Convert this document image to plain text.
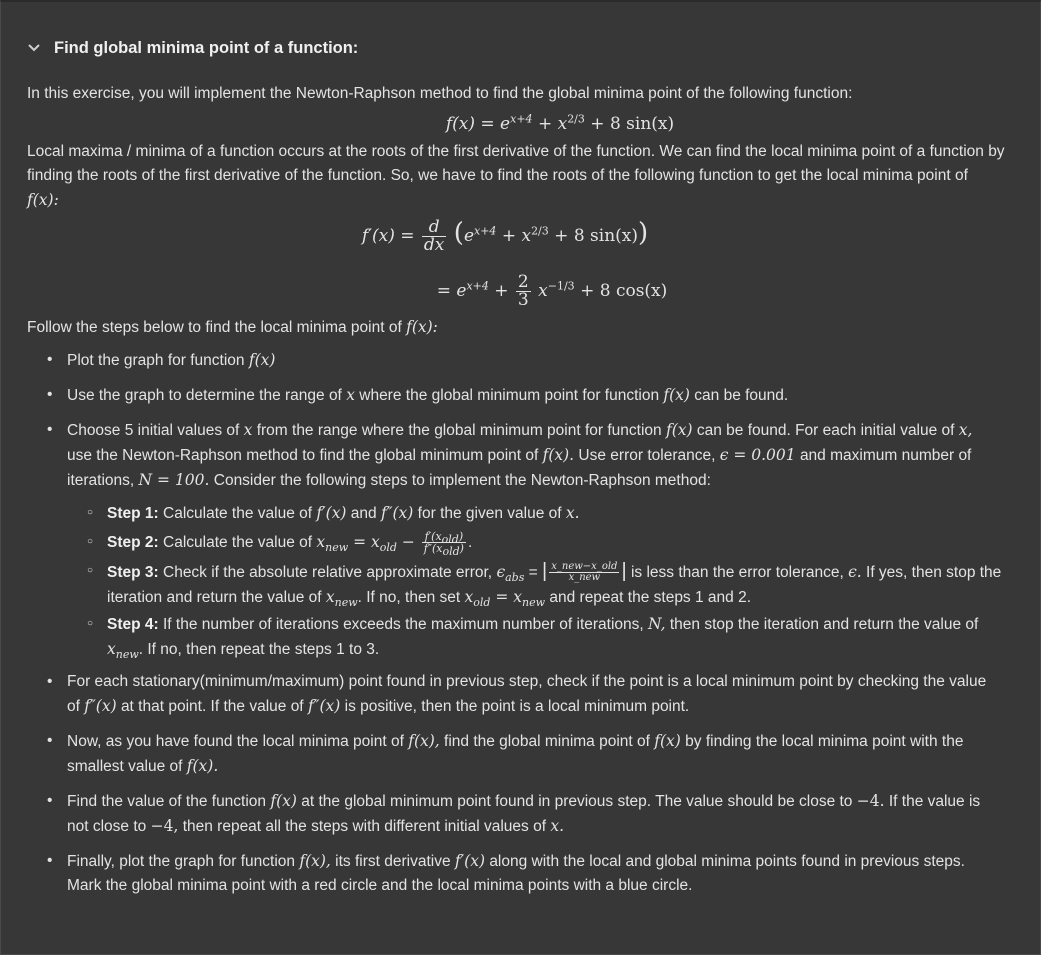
Find global minima point of a function:

In this exercise, you will implement the Newton-Raphson method to find the global minima point of the following function:

$f(x) = e^{x+4} + x^{2/3} + 8$ sin(x)

Local maxima / minima of a function occurs at the roots of the first derivative of the function. We can find the local minima point of a function by finding the roots of the first derivative of the function. So, we have to find the roots of the following function to get the local minima point of
f(x):

$f'(x) = \frac{d}{dx} (e^{x+4} + x^{2/3} + 8$ sin(x))
= $e^{x+4} + \frac{2}{3} x^{-1/3} + 8$ cos(x)

Follow the steps below to find the local minima point of f(x):

• Plot the graph for function f(x)
• Use the graph to determine the range of x where the global minimum point for function f(x) can be found.
• Choose 5 initial values of x from the range where the global minimum point for function f(x) can be found. For each initial value of x,
use the Newton-Raphson method to find the global minimum point of f(x). Use error tolerance, ϵ = 0.001 and maximum number of
iterations, N = 100. Consider the following steps to implement the Newton-Raphson method:
○ Step 1: Calculate the value of f′(x) and f″(x) for the given value of x.
○ Step 2: Calculate the value of $x_{new} = x_{old} - \frac{f'(x_{old})}{f''(x_{old})}$ .
○ Step 3: Check if the absolute relative approximate error, $\epsilon_{abs}$ = | $\frac{\text{x\_new−x\_old}}{\text{x\_new}}$ | is less than the error tolerance, ϵ. If yes, then stop the
iteration and return the value of $x_{new}$. If no, then set $x_{old} = x_{new}$ and repeat the steps 1 and 2.
○ Step 4: If the number of iterations exceeds the maximum number of iterations, N, then stop the iteration and return the value of
$x_{new}$. If no, then repeat the steps 1 to 3.
• For each stationary(minimum/maximum) point found in previous step, check if the point is a local minimum point by checking the value
of f″(x) at that point. If the value of f″(x) is positive, then the point is a local minimum point.
• Now, as you have found the local minima point of f(x), find the global minima point of f(x) by finding the local minima point with the
smallest value of f(x).
• Find the value of the function f(x) at the global minimum point found in previous step. The value should be close to −4. If the value is
not close to −4, then repeat all the steps with different initial values of x.
• Finally, plot the graph for function f(x), its first derivative f′(x) along with the local and global minima points found in previous steps.
Mark the global minima point with a red circle and the local minima points with a blue circle.
